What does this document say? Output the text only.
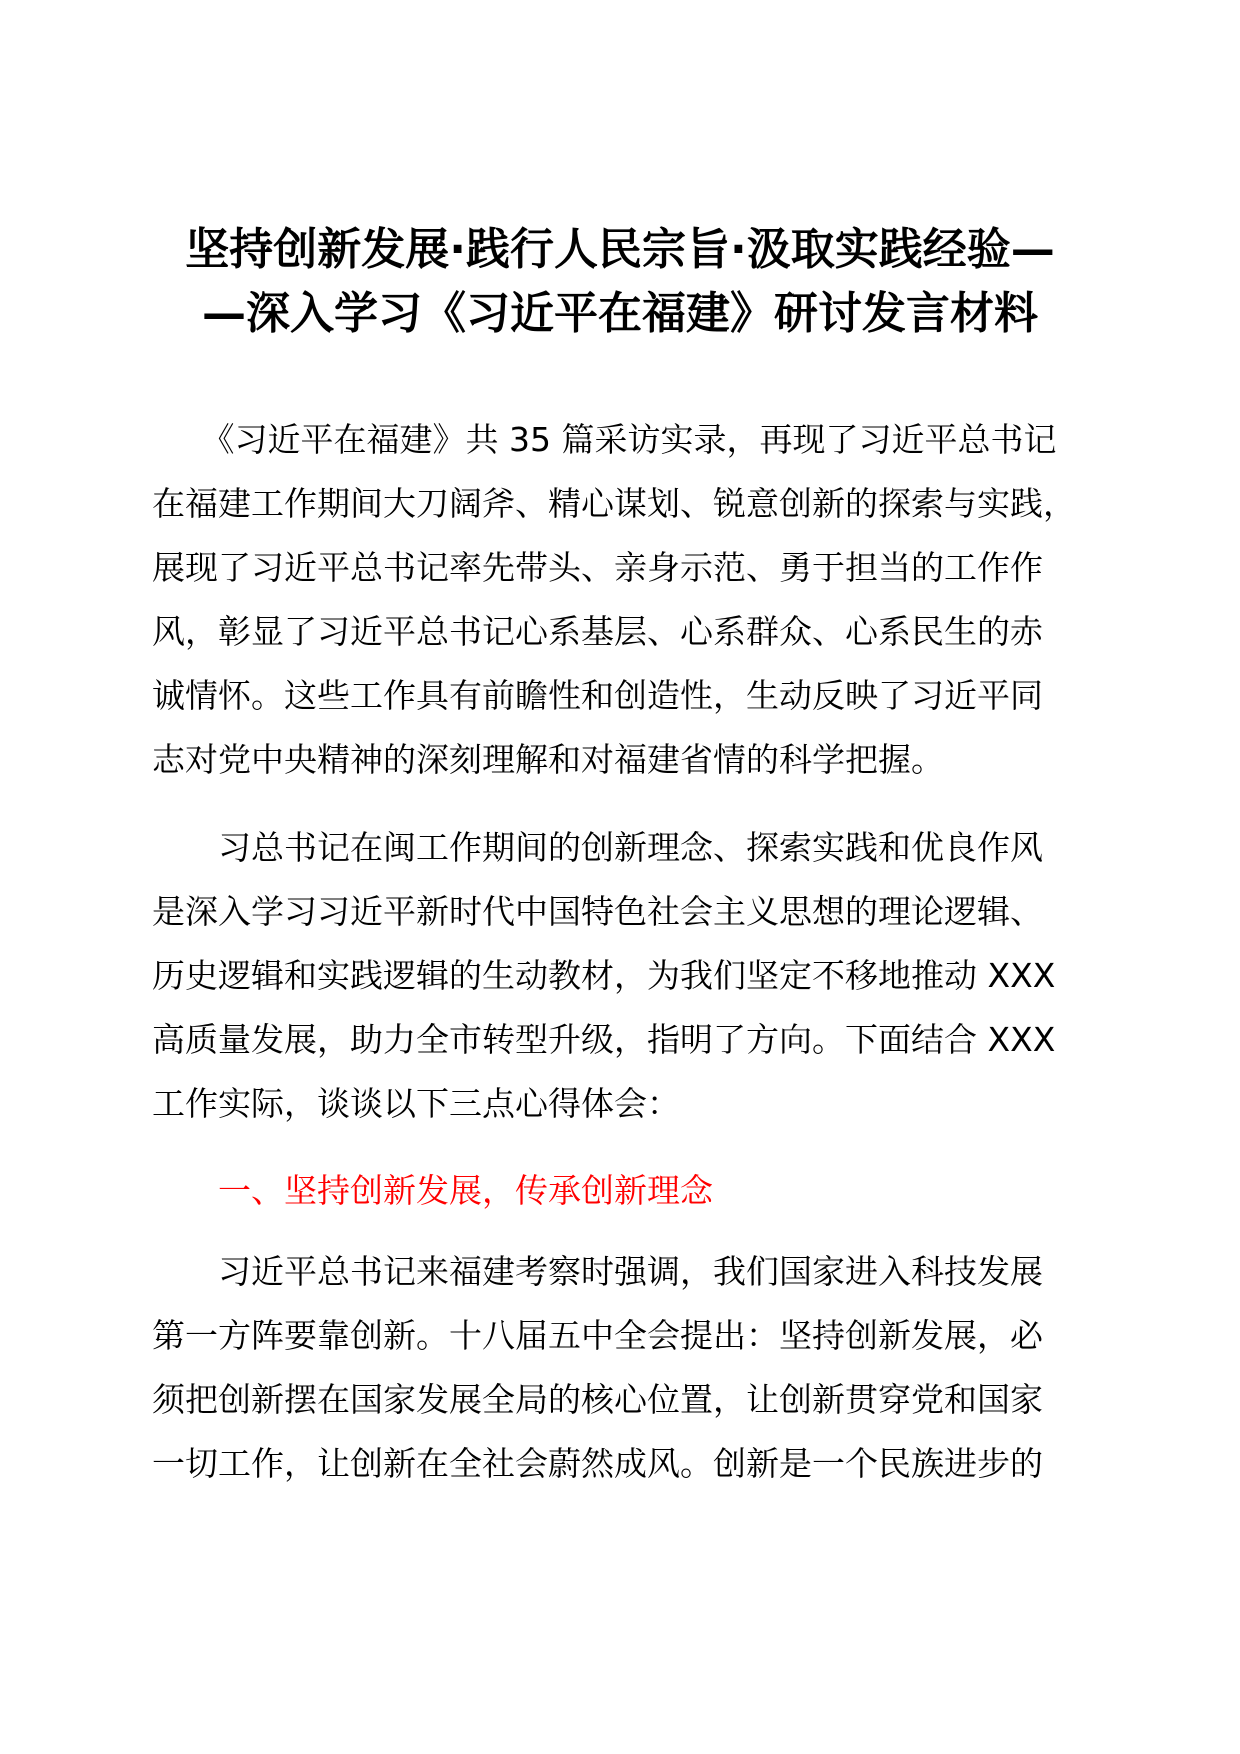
坚持创新发展·践行人民宗旨·汲取实践经验—
—深入学习《习近平在福建》研讨发言材料

　　《习近平在福建》共 35 篇采访实录，再现了习近平总书记
在福建工作期间大刀阔斧、精心谋划、锐意创新的探索与实践，
展现了习近平总书记率先带头、亲身示范、勇于担当的工作作
风，彰显了习近平总书记心系基层、心系群众、心系民生的赤
诚情怀。这些工作具有前瞻性和创造性，生动反映了习近平同
志对党中央精神的深刻理解和对福建省情的科学把握。

　　习总书记在闽工作期间的创新理念、探索实践和优良作风
是深入学习习近平新时代中国特色社会主义思想的理论逻辑、
历史逻辑和实践逻辑的生动教材，为我们坚定不移地推动 XXX
高质量发展，助力全市转型升级，指明了方向。下面结合 XXX
工作实际，谈谈以下三点心得体会：

　　一、坚持创新发展，传承创新理念

　　习近平总书记来福建考察时强调，我们国家进入科技发展
第一方阵要靠创新。十八届五中全会提出：坚持创新发展，必
须把创新摆在国家发展全局的核心位置，让创新贯穿党和国家
一切工作，让创新在全社会蔚然成风。创新是一个民族进步的
